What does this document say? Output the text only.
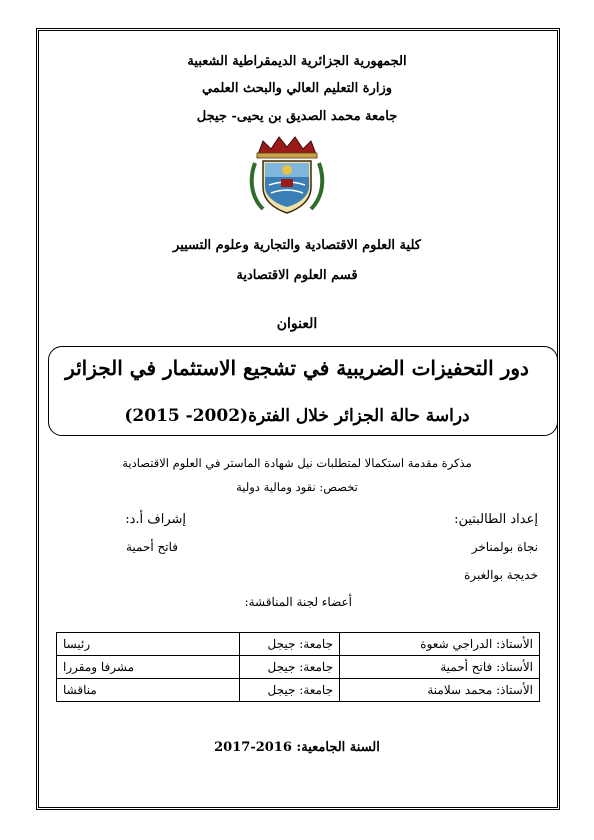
الجمهورية الجزائرية الديمقراطية الشعبية
وزارة التعليم العالي والبحث العلمي
جامعة محمد الصديق بن يحيى- جيجل
كلية العلوم الاقتصادية والتجارية وعلوم التسيير
قسم العلوم الاقتصادية
العنوان
دور التحفيزات الضريبية في تشجيع الاستثمار في الجزائر
دراسة حالة الجزائر خلال الفترة(2002- 2015)
مذكرة مقدمة استكمالا لمتطلبات نيل شهادة الماستر في العلوم الاقتصادية
تخصص: نقود ومالية دولية
إعداد الطالبتين:
إشراف أ.د:
نجاة بولمناخر
فاتح أحمية
خديجة بوالغبرة
أعضاء لجنة المناقشة:
الأستاذ: الدراجي شعوة	جامعة: جيجل	رئيسا
الأستاذ: فاتح أحمية	جامعة: جيجل	مشرفا ومقررا
الأستاذ: محمد سلامنة	جامعة: جيجل	مناقشا
السنة الجامعية: 2016-2017
